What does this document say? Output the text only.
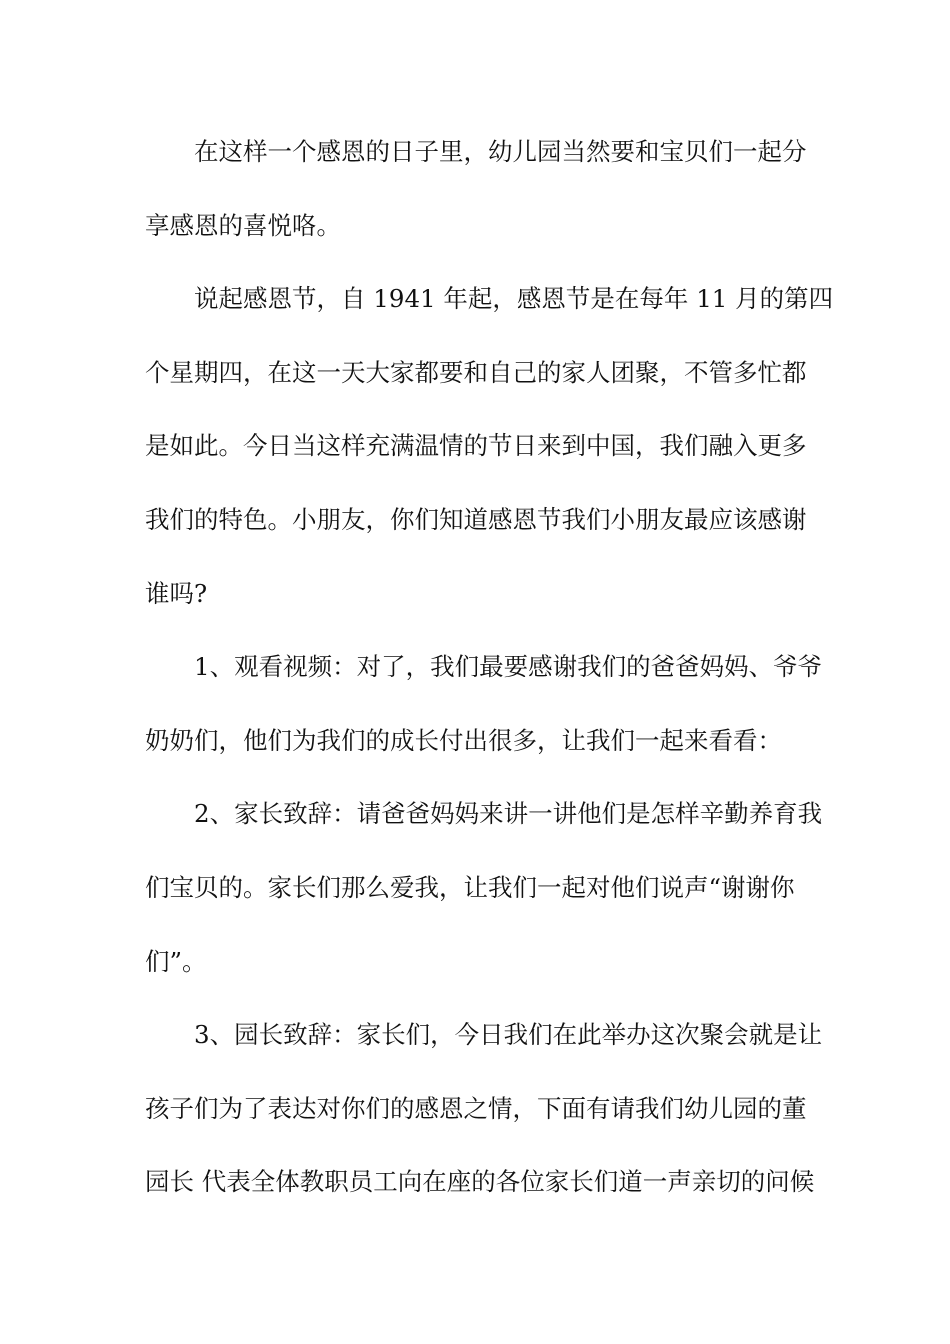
在这样一个感恩的日子里，幼儿园当然要和宝贝们一起分
享感恩的喜悦咯。
说起感恩节，自 1941 年起，感恩节是在每年 11 月的第四
个星期四，在这一天大家都要和自己的家人团聚，不管多忙都
是如此。今日当这样充满温情的节日来到中国，我们融入更多
我们的特色。小朋友，你们知道感恩节我们小朋友最应该感谢
谁吗?
1、观看视频：对了，我们最要感谢我们的爸爸妈妈、爷爷
奶奶们，他们为我们的成长付出很多，让我们一起来看看：
2、家长致辞：请爸爸妈妈来讲一讲他们是怎样辛勤养育我
们宝贝的。家长们那么爱我，让我们一起对他们说声“谢谢你
们”。
3、园长致辞：家长们，今日我们在此举办这次聚会就是让
孩子们为了表达对你们的感恩之情，下面有请我们幼儿园的董
园长 代表全体教职员工向在座的各位家长们道一声亲切的问候
